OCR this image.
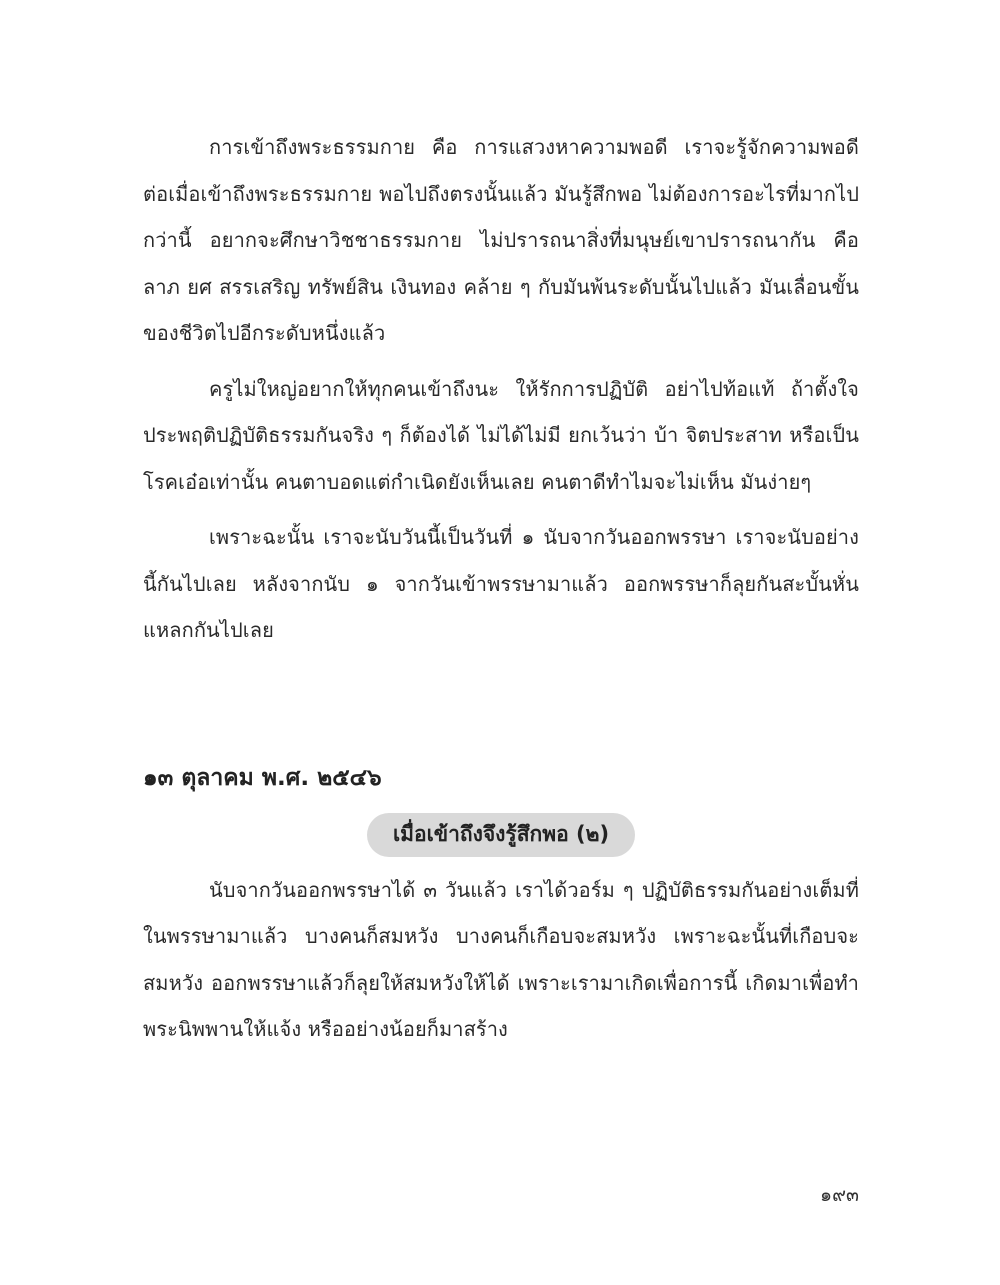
การเข้าถึงพระธรรมกาย คือ การแสวงหาความพอดี เราจะรู้จักความพอดี ต่อเมื่อเข้าถึงพระธรรมกาย พอไปถึงตรงนั้นแล้ว มันรู้สึกพอ ไม่ต้องการอะไรที่มากไปกว่านี้ อยากจะศึกษาวิชชาธรรมกาย ไม่ปรารถนาสิ่งที่มนุษย์เขาปรารถนากัน คือ ลาภ ยศ สรรเสริญ ทรัพย์สิน เงินทอง คล้าย ๆ กับมันพ้นระดับนั้นไปแล้ว มันเลื่อนขั้นของชีวิตไปอีกระดับหนึ่งแล้ว

ครูไม่ใหญ่อยากให้ทุกคนเข้าถึงนะ ให้รักการปฏิบัติ อย่าไปท้อแท้ ถ้าตั้งใจประพฤติปฏิบัติธรรมกันจริง ๆ ก็ต้องได้ ไม่ได้ไม่มี ยกเว้นว่า บ้า จิตประสาท หรือเป็นโรคเอ๋อเท่านั้น คนตาบอดแต่กำเนิดยังเห็นเลย คนตาดีทำไมจะไม่เห็น มันง่ายๆ

เพราะฉะนั้น เราจะนับวันนี้เป็นวันที่ ๑ นับจากวันออกพรรษา เราจะนับอย่างนี้กันไปเลย หลังจากนับ ๑ จากวันเข้าพรรษามาแล้ว ออกพรรษาก็ลุยกันสะบั้นหั่นแหลกกันไปเลย

๑๓ ตุลาคม พ.ศ. ๒๕๔๖
เมื่อเข้าถึงจึงรู้สึกพอ (๒)

นับจากวันออกพรรษาได้ ๓ วันแล้ว เราได้วอร์ม ๆ ปฏิบัติธรรมกันอย่างเต็มที่ในพรรษามาแล้ว บางคนก็สมหวัง บางคนก็เกือบจะสมหวัง เพราะฉะนั้นที่เกือบจะสมหวัง ออกพรรษาแล้วก็ลุยให้สมหวังให้ได้ เพราะเรามาเกิดเพื่อการนี้ เกิดมาเพื่อทำพระนิพพานให้แจ้ง หรืออย่างน้อยก็มาสร้าง

๑๙๓
